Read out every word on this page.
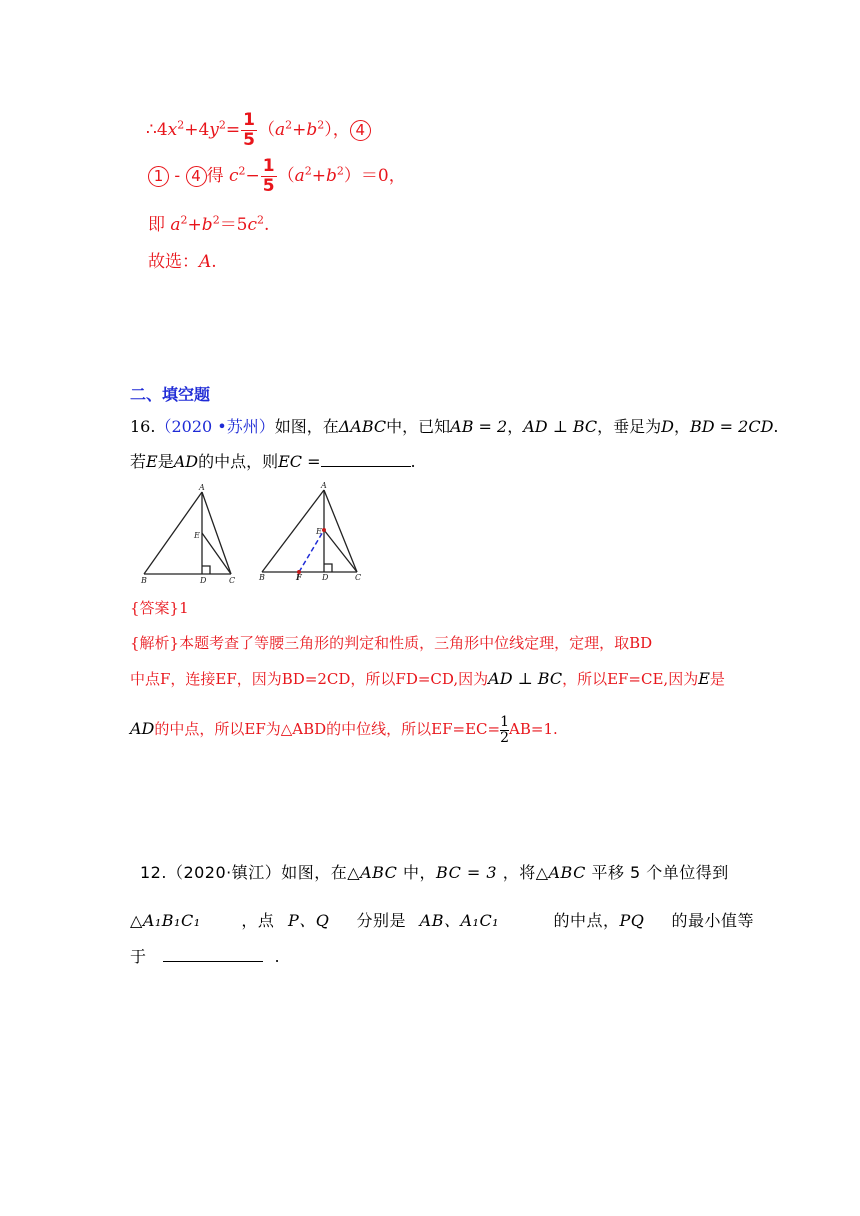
$\therefore 4x^2+4y^2= \frac{1}{5} (a^2+b^2)$， 4
1 - 4 得 $c^2- \frac{1}{5} (a^2+b^2)=0$，
即 $a^2+b^2=5c^2$.
故选：A.
二、填空题
16.（2020 •苏州）如图，在ΔABC中，已知AB = 2，AD ⊥ BC，垂足为D，BD = 2CD.
若E是AD的中点，则EC =	.
A
E
B	D	C
A
E
B	F	D	C
{答案}1
{解析}本题考查了等腰三角形的判定和性质，三角形中位线定理，定理，取BD
中点F，连接EF，因为BD=2CD，所以FD=CD,因为AD ⊥ BC，所以EF=CE,因为E是
AD的中点，所以EF为△ABD的中位线，所以$EF=EC= \frac{1}{2} AB=1$.
12.（2020·镇江）如图，在△ABC 中，BC = 3 ，将△ABC 平移 5 个单位得到
△A₁B₁C₁	，点 P、Q 分别是 AB、A₁C₁	的中点，PQ 的最小值等
于	.
